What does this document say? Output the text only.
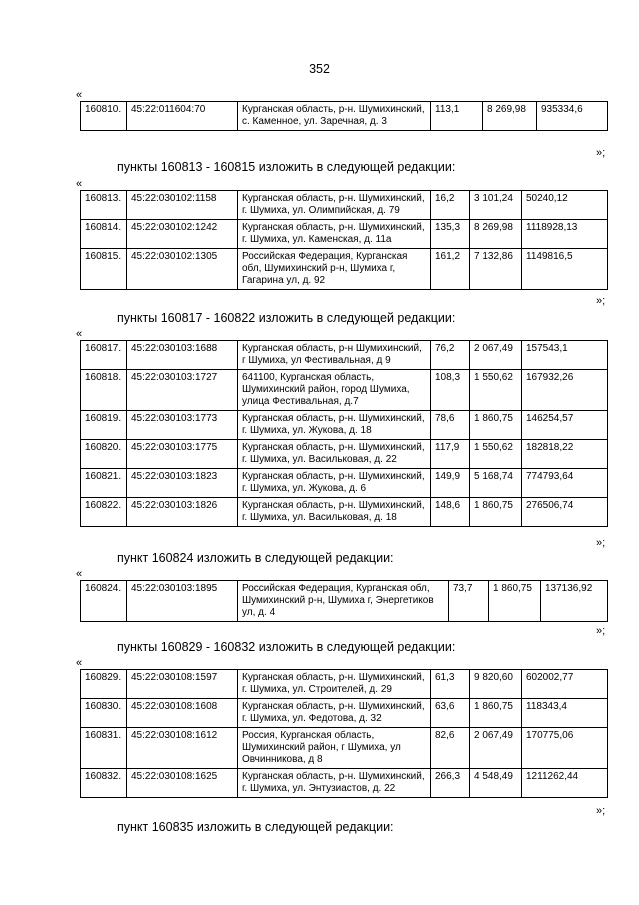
352
«
160810.	45:22:011604:70	Курганская область, р-н. Шумихинский, с. Каменное, ул. Заречная, д. 3	113,1	8 269,98	935334,6
»;
пункты 160813 - 160815 изложить в следующей редакции:
«
160813.	45:22:030102:1158	Курганская область, р-н. Шумихинский, г. Шумиха, ул. Олимпийская, д. 79	16,2	3 101,24	50240,12
160814.	45:22:030102:1242	Курганская область, р-н. Шумихинский, г. Шумиха, ул. Каменская, д. 11а	135,3	8 269,98	1118928,13
160815.	45:22:030102:1305	Российская Федерация, Курганская обл, Шумихинский р-н, Шумиха г, Гагарина ул, д. 92	161,2	7 132,86	1149816,5
»;
пункты 160817 - 160822 изложить в следующей редакции:
«
160817.	45:22:030103:1688	Курганская область, р-н Шумихинский, г Шумиха, ул Фестивальная, д 9	76,2	2 067,49	157543,1
160818.	45:22:030103:1727	641100, Курганская область, Шумихинский район, город Шумиха, улица Фестивальная, д.7	108,3	1 550,62	167932,26
160819.	45:22:030103:1773	Курганская область, р-н. Шумихинский, г. Шумиха, ул. Жукова, д. 18	78,6	1 860,75	146254,57
160820.	45:22:030103:1775	Курганская область, р-н. Шумихинский, г. Шумиха, ул. Васильковая, д. 22	117,9	1 550,62	182818,22
160821.	45:22:030103:1823	Курганская область, р-н. Шумихинский, г. Шумиха, ул. Жукова, д. 6	149,9	5 168,74	774793,64
160822.	45:22:030103:1826	Курганская область, р-н. Шумихинский, г. Шумиха, ул. Васильковая, д. 18	148,6	1 860,75	276506,74
»;
пункт 160824 изложить в следующей редакции:
«
160824.	45:22:030103:1895	Российская Федерация, Курганская обл, Шумихинский р-н, Шумиха г, Энергетиков ул, д. 4	73,7	1 860,75	137136,92
»;
пункты 160829 - 160832 изложить в следующей редакции:
«
160829.	45:22:030108:1597	Курганская область, р-н. Шумихинский, г. Шумиха, ул. Строителей, д. 29	61,3	9 820,60	602002,77
160830.	45:22:030108:1608	Курганская область, р-н. Шумихинский, г. Шумиха, ул. Федотова, д. 32	63,6	1 860,75	118343,4
160831.	45:22:030108:1612	Россия, Курганская область, Шумихинский район, г Шумиха, ул Овчинникова, д 8	82,6	2 067,49	170775,06
160832.	45:22:030108:1625	Курганская область, р-н. Шумихинский, г. Шумиха, ул. Энтузиастов, д. 22	266,3	4 548,49	1211262,44
»;
пункт 160835 изложить в следующей редакции:
